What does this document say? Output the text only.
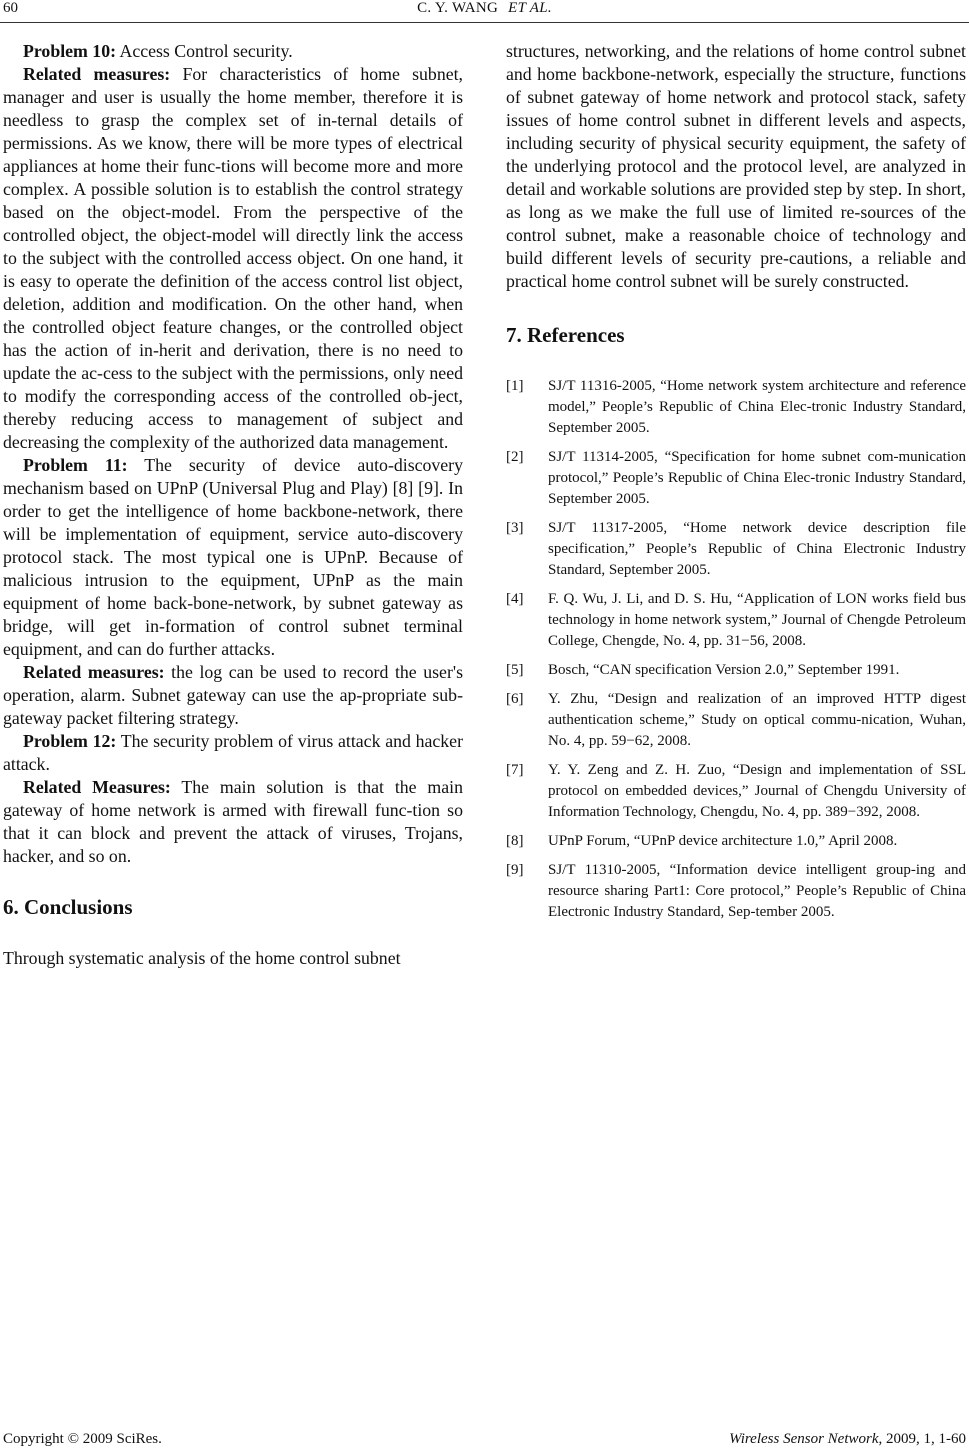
60	C. Y. WANG ET AL.

Problem 10: Access Control security.

Related measures: For characteristics of home subnet, manager and user is usually the home member, therefore it is needless to grasp the complex set of in-ternal details of permissions. As we know, there will be more types of electrical appliances at home their func-tions will become more and more complex. A possible solution is to establish the control strategy based on the object-model. From the perspective of the controlled object, the object-model will directly link the access to the subject with the controlled access object. On one hand, it is easy to operate the definition of the access control list object, deletion, addition and modification. On the other hand, when the controlled object feature changes, or the controlled object has the action of in-herit and derivation, there is no need to update the ac-cess to the subject with the permissions, only need to modify the corresponding access of the controlled ob-ject, thereby reducing access to management of subject and decreasing the complexity of the authorized data management.

Problem 11: The security of device auto-discovery mechanism based on UPnP (Universal Plug and Play) [8] [9]. In order to get the intelligence of home backbone-network, there will be implementation of equipment, service auto-discovery protocol stack. The most typical one is UPnP. Because of malicious intrusion to the equipment, UPnP as the main equipment of home back-bone-network, by subnet gateway as bridge, will get in-formation of control subnet terminal equipment, and can do further attacks.

Related measures: the log can be used to record the user's operation, alarm. Subnet gateway can use the ap-propriate sub-gateway packet filtering strategy.

Problem 12: The security problem of virus attack and hacker attack.

Related Measures: The main solution is that the main gateway of home network is armed with firewall func-tion so that it can block and prevent the attack of viruses, Trojans, hacker, and so on.

6. Conclusions

Through systematic analysis of the home control subnet

structures, networking, and the relations of home control subnet and home backbone-network, especially the structure, functions of subnet gateway of home network and protocol stack, safety issues of home control subnet in different levels and aspects, including security of physical security equipment, the safety of the underlying protocol and the protocol level, are analyzed in detail and workable solutions are provided step by step. In short, as long as we make the full use of limited re-sources of the control subnet, make a reasonable choice of technology and build different levels of security pre-cautions, a reliable and practical home control subnet will be surely constructed.

7. References
[1]	SJ/T 11316-2005, “Home network system architecture and reference model,” People’s Republic of China Elec-tronic Industry Standard, September 2005.
[2]	SJ/T 11314-2005, “Specification for home subnet com-munication protocol,” People’s Republic of China Elec-tronic Industry Standard, September 2005.
[3]	SJ/T 11317-2005, “Home network device description file specification,” People’s Republic of China Electronic Industry Standard, September 2005.
[4]	F. Q. Wu, J. Li, and D. S. Hu, “Application of LON works field bus technology in home network system,” Journal of Chengde Petroleum College, Chengde, No. 4, pp. 31−56, 2008.
[5]	Bosch, “CAN specification Version 2.0,” September 1991.
[6]	Y. Zhu, “Design and realization of an improved HTTP digest authentication scheme,” Study on optical commu-nication, Wuhan, No. 4, pp. 59−62, 2008.
[7]	Y. Y. Zeng and Z. H. Zuo, “Design and implementation of SSL protocol on embedded devices,” Journal of Chengdu University of Information Technology, Chengdu, No. 4, pp. 389−392, 2008.
[8]	UPnP Forum, “UPnP device architecture 1.0,” April 2008.
[9]	SJ/T 11310-2005, “Information device intelligent group-ing and resource sharing Part1: Core protocol,” People’s Republic of China Electronic Industry Standard, Sep-tember 2005.
Copyright © 2009 SciRes.	Wireless Sensor Network, 2009, 1, 1-60
